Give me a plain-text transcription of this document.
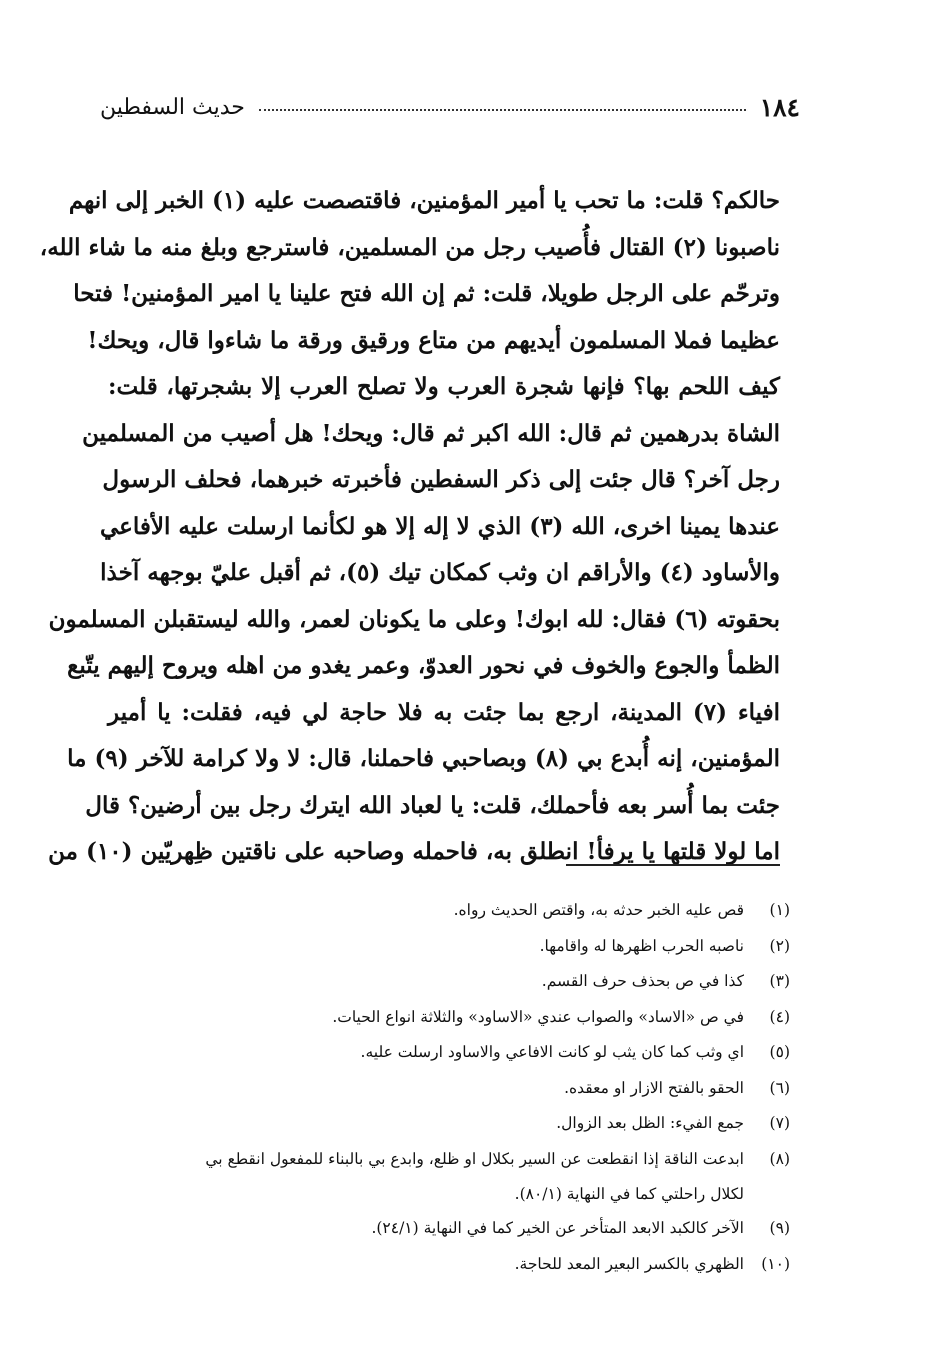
١٨٤
حديث السفطين
حالكم؟ قلت: ما تحب يا أمير المؤمنين، فاقتصصت عليه (١) الخبر إلى انهم
ناصبونا (٢) القتال فأُصيب رجل من المسلمين، فاسترجع وبلغ منه ما شاء الله،
وترحّم على الرجل طويلا، قلت: ثم إن الله فتح علينا يا امير المؤمنين! فتحا
عظيما فملا المسلمون أيديهم من متاع ورقيق ورقة ما شاءوا قال، ويحك!
كيف اللحم بها؟ فإنها شجرة العرب ولا تصلح العرب إلا بشجرتها، قلت:
الشاة بدرهمين ثم قال: الله اكبر ثم قال: ويحك! هل أصيب من المسلمين
رجل آخر؟ قال جئت إلى ذكر السفطين فأخبرته خبرهما، فحلف الرسول
عندها يمينا اخرى، الله (٣) الذي لا إله إلا هو لكأنما ارسلت عليه الأفاعي
والأساود (٤) والأراقم ان وثب كمكان تيك (٥)، ثم أقبل عليّ بوجهه آخذا
بحقوته (٦) فقال: لله ابوك! وعلى ما يكونان لعمر، والله ليستقبلن المسلمون
الظمأ والجوع والخوف في نحور العدوّ، وعمر يغدو من اهله ويروح إليهم يتّبع
افياء (٧) المدينة، ارجع بما جئت به فلا حاجة لي فيه، فقلت: يا أمير
المؤمنين، إنه أُبدع بي (٨) وبصاحبي فاحملنا، قال: لا ولا كرامة للآخر (٩) ما
جئت بما أُسر بعه فأحملك، قلت: يا لعباد الله ايترك رجل بين أرضين؟ قال
اما لولا قلتها يا يرفأ! انطلق به، فاحمله وصاحبه على ناقتين ظِهريّين (١٠) من
(١)
قص عليه الخبر حدثه به، واقتص الحديث رواه.
(٢)
ناصبه الحرب اظهرها له واقامها.
(٣)
كذا في ص بحذف حرف القسم.
(٤)
في ص «الاساد» والصواب عندي «الاساود» والثلاثة انواع الحيات.
(٥)
اي وثب كما كان يثب لو كانت الافاعي والاساود ارسلت عليه.
(٦)
الحقو بالفتح الازار او معقده.
(٧)
جمع الفيء: الظل بعد الزوال.
(٨)
ابدعت الناقة إذا انقطعت عن السير بكلال او ظلع، وابدع بي بالبناء للمفعول انقطع بي
لكلال راحلتي كما في النهاية (٨٠/١).
(٩)
الآخر كالكبد الابعد المتأخر عن الخير كما في النهاية (٢٤/١).
(١٠)
الظهري بالكسر البعير المعد للحاجة.
